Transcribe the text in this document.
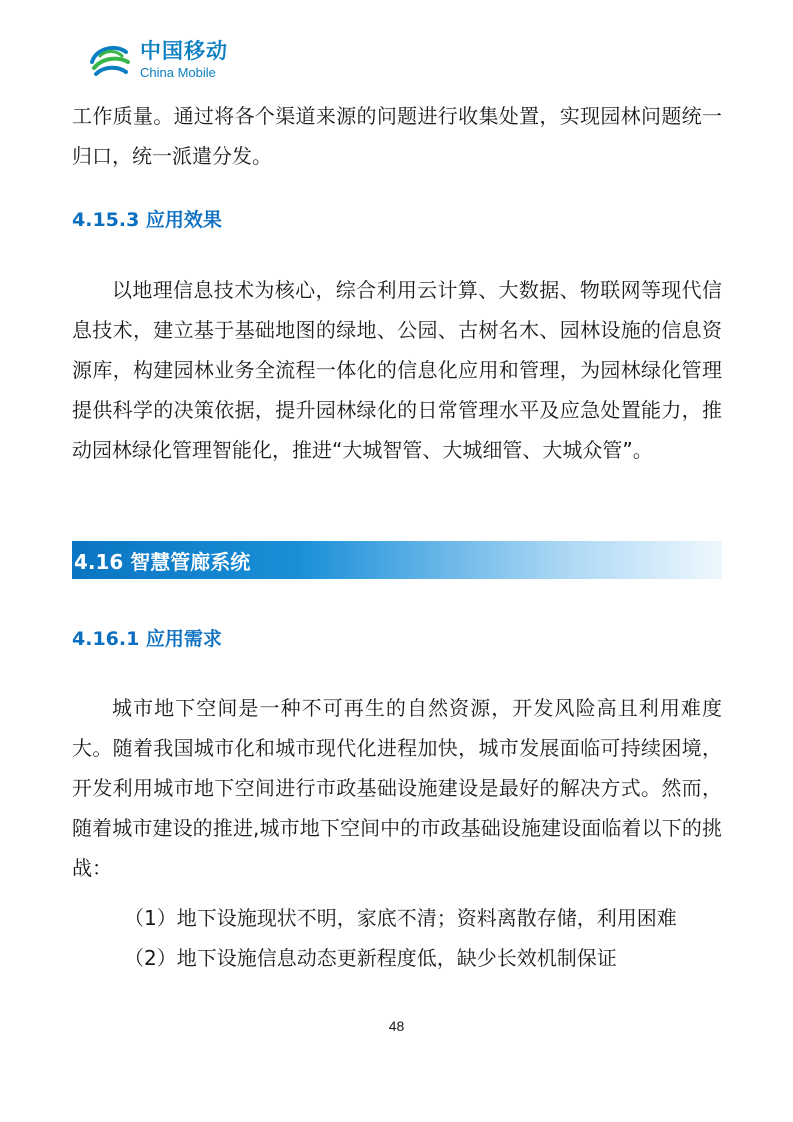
中国移动
China Mobile

工作质量。通过将各个渠道来源的问题进行收集处置，实现园林问题统一归口，统一派遣分发。

4.15.3 应用效果

以地理信息技术为核心，综合利用云计算、大数据、物联网等现代信息技术，建立基于基础地图的绿地、公园、古树名木、园林设施的信息资源库，构建园林业务全流程一体化的信息化应用和管理，为园林绿化管理提供科学的决策依据，提升园林绿化的日常管理水平及应急处置能力，推动园林绿化管理智能化，推进“大城智管、大城细管、大城众管”。

4.16 智慧管廊系统
4.16.1 应用需求

城市地下空间是一种不可再生的自然资源，开发风险高且利用难度大。随着我国城市化和城市现代化进程加快，城市发展面临可持续困境，开发利用城市地下空间进行市政基础设施建设是最好的解决方式。然而，随着城市建设的推进,城市地下空间中的市政基础设施建设面临着以下的挑战：

（1）地下设施现状不明，家底不清；资料离散存储，利用困难

（2）地下设施信息动态更新程度低，缺少长效机制保证

48
